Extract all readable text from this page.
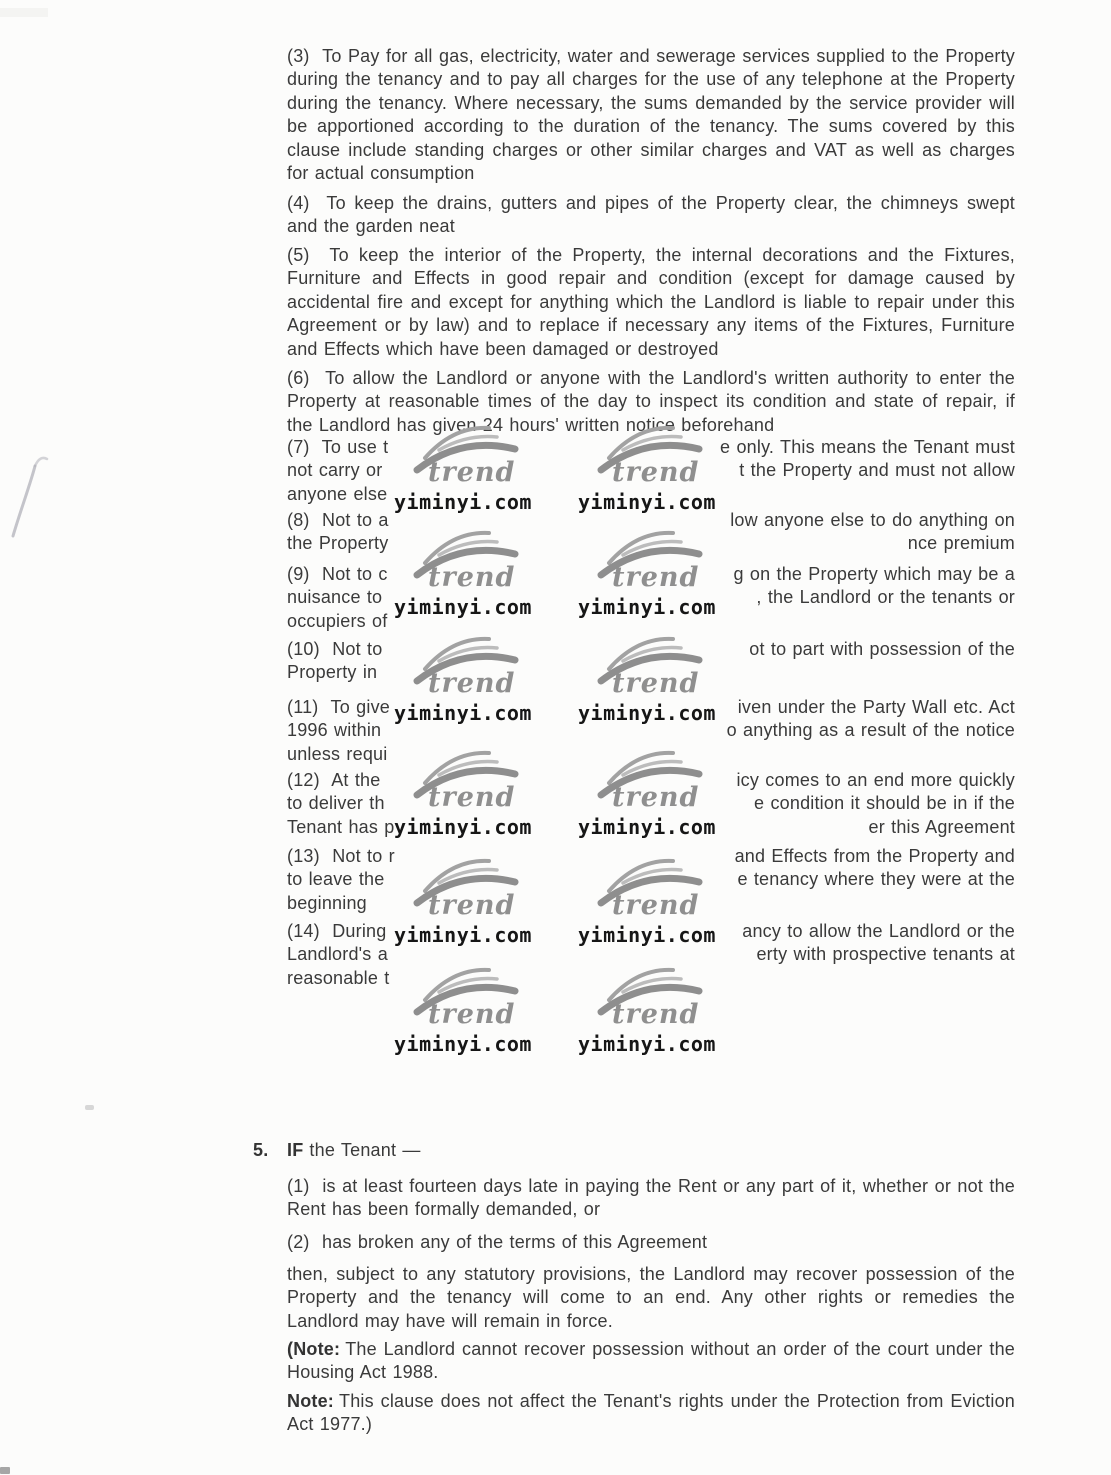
(3)  To Pay for all gas, electricity, water and sewerage services supplied to the Property during the tenancy and to pay all charges for the use of any telephone at the Property during the tenancy. Where necessary, the sums demanded by the service provider will be apportioned according to the duration of the tenancy. The sums covered by this clause include standing charges or other similar charges and VAT as well as charges for actual consumption
(4)  To keep the drains, gutters and pipes of the Property clear, the chimneys swept and the garden neat
(5)  To keep the interior of the Property, the internal decorations and the Fixtures, Furniture and Effects in good repair and condition (except for damage caused by accidental fire and except for anything which the Landlord is liable to repair under this Agreement or by law) and to replace if necessary any items of the Fixtures, Furniture and Effects which have been damaged or destroyed
(6)  To allow the Landlord or anyone with the Landlord's written authority to enter the Property at reasonable times of the day to inspect its condition and state of repair, if the Landlord has given 24 hours' written notice beforehand
(7)  To use t	e only. This means the Tenant must
not carry or	t the Property and must not allow
anyone else
(8)  Not to a	low anyone else to do anything on
the Property	nce premium
(9)  Not to c	g on the Property which may be a
nuisance to	, the Landlord or the tenants or
occupiers of
(10)  Not to	ot to part with possession of the
Property in
(11)  To give	iven under the Party Wall etc. Act
1996 within	o anything as a result of the notice
unless requi
(12)  At the	icy comes to an end more quickly
to deliver th	e condition it should be in if the
Tenant has p	er this Agreement
(13)  Not to r	and Effects from the Property and
to leave the	e tenancy where they were at the
beginning
(14)  During	ancy to allow the Landlord or the
Landlord's a	erty with prospective tenants at
reasonable t
5. IF the Tenant —

(1)  is at least fourteen days late in paying the Rent or any part of it, whether or not the Rent has been formally demanded, or

(2)  has broken any of the terms of this Agreement

then, subject to any statutory provisions, the Landlord may recover possession of the Property and the tenancy will come to an end. Any other rights or remedies the Landlord may have will remain in force.

(Note: The Landlord cannot recover possession without an order of the court under the Housing Act 1988.

Note: This clause does not affect the Tenant's rights under the Protection from Eviction Act 1977.)

trend
yiminyi.com
trend
yiminyi.com
trend
yiminyi.com
trend
yiminyi.com
trend
yiminyi.com
trend
yiminyi.com
trend
yiminyi.com
trend
yiminyi.com
trend
yiminyi.com
trend
yiminyi.com
trend
yiminyi.com
trend
yiminyi.com
